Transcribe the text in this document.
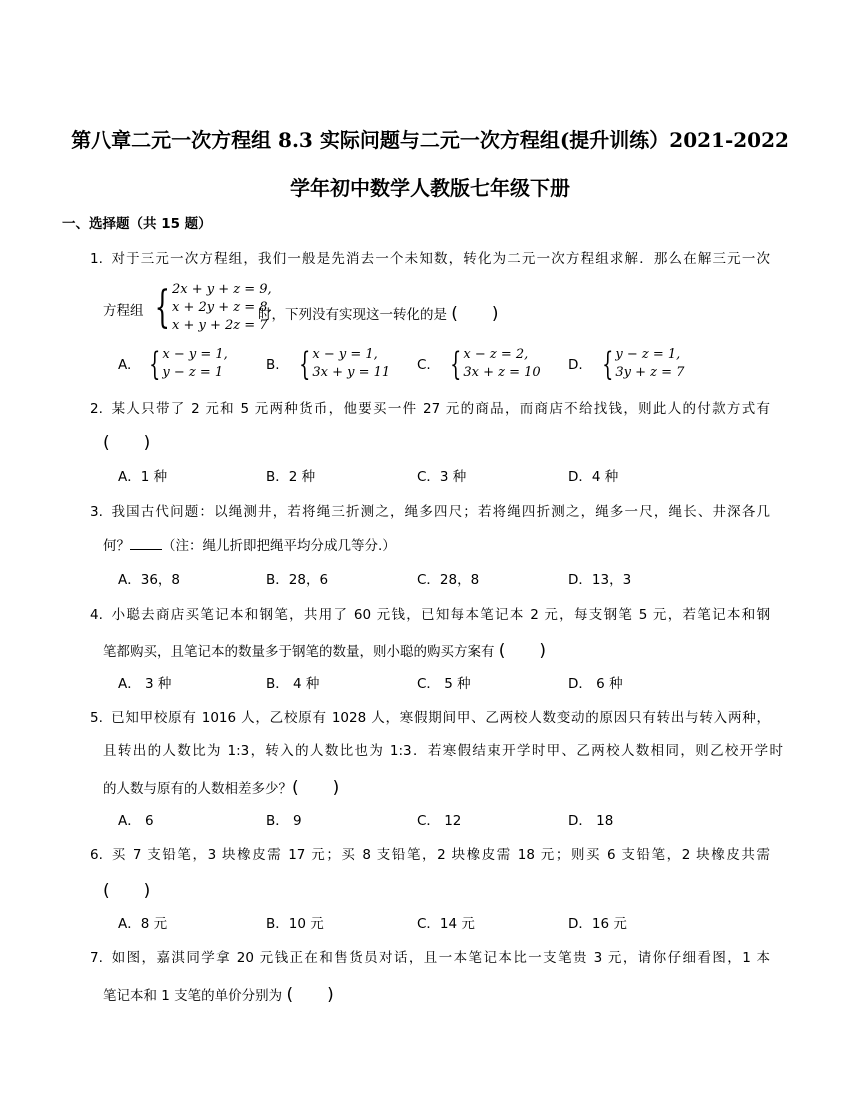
第八章二元一次方程组 8.3 实际问题与二元一次方程组(提升训练）2021-2022
学年初中数学人教版七年级下册
一、选择题（共 15 题）
1. 对于三元一次方程组，我们一般是先消去一个未知数，转化为二元一次方程组求解．那么在解三元一次
方程组 { 2x + y + z = 9,
x + 2y + z = 8,
x + y + 2z = 7
时，下列没有实现这一转化的是 (　　)
A. { x − y = 1,
y − z = 1	B. { x − y = 1,
3x + y = 11 C. { x − z = 2,
3x + z = 10 D. { y − z = 1,
3y + z = 7
2. 某人只带了 2 元和 5 元两种货币，他要买一件 27 元的商品，而商店不给找钱，则此人的付款方式有
(　　)
A．1 种	B．2 种	C．3 种	D．4 种
3. 我国古代问题：以绳测井，若将绳三折测之，绳多四尺；若将绳四折测之，绳多一尺，绳长、井深各几
何？ （注：绳儿折即把绳平均分成几等分.）
A．36，8	B．28，6	C．28，8	D．13，3
4. 小聪去商店买笔记本和钢笔，共用了 60 元钱，已知每本笔记本 2 元，每支钢笔 5 元，若笔记本和钢
笔都购买，且笔记本的数量多于钢笔的数量，则小聪的购买方案有 (　　)
A． 3 种	B． 4 种	C． 5 种	D． 6 种
5. 已知甲校原有 1016 人，乙校原有 1028 人，寒假期间甲、乙两校人数变动的原因只有转出与转入两种，
且转出的人数比为 1:3，转入的人数比也为 1:3．若寒假结束开学时甲、乙两校人数相同，则乙校开学时
的人数与原有的人数相差多少？(　　)
A． 6	B． 9	C． 12	D． 18
6. 买 7 支铅笔，3 块橡皮需 17 元；买 8 支铅笔，2 块橡皮需 18 元；则买 6 支铅笔，2 块橡皮共需
(　　)
A．8 元	B．10 元	C．14 元	D．16 元
7. 如图，嘉淇同学拿 20 元钱正在和售货员对话，且一本笔记本比一支笔贵 3 元，请你仔细看图，1 本
笔记本和 1 支笔的单价分别为 (　　)
